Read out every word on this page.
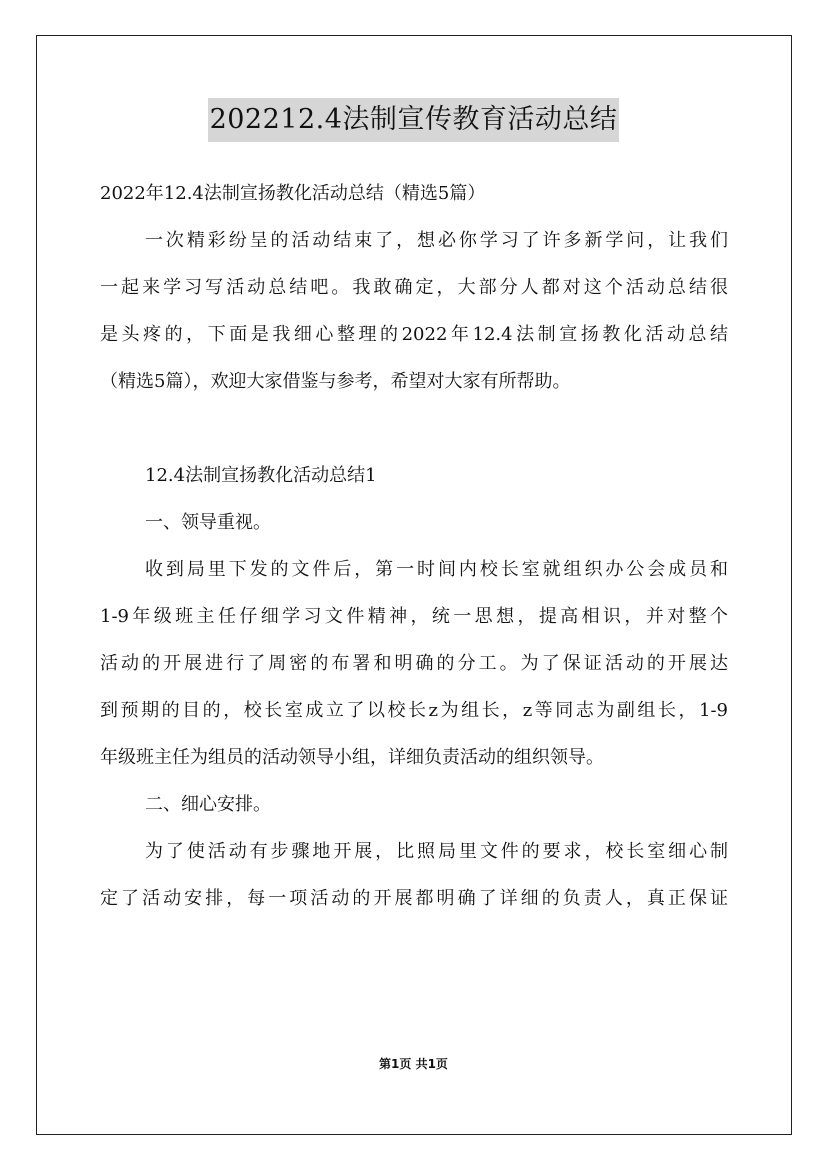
202212.4法制宣传教育活动总结
2022年12.4法制宣扬教化活动总结（精选5篇）
一次精彩纷呈的活动结束了，想必你学习了许多新学问，让我们
一起来学习写活动总结吧。我敢确定，大部分人都对这个活动总结很
是头疼的，下面是我细心整理的2022年12.4法制宣扬教化活动总结
（精选5篇），欢迎大家借鉴与参考，希望对大家有所帮助。
12.4法制宣扬教化活动总结1
一、领导重视。
收到局里下发的文件后，第一时间内校长室就组织办公会成员和
1-9年级班主任仔细学习文件精神，统一思想，提高相识，并对整个
活动的开展进行了周密的布署和明确的分工。为了保证活动的开展达
到预期的目的，校长室成立了以校长z为组长，z等同志为副组长，1-9
年级班主任为组员的活动领导小组，详细负责活动的组织领导。
二、细心安排。
为了使活动有步骤地开展，比照局里文件的要求，校长室细心制
定了活动安排，每一项活动的开展都明确了详细的负责人，真正保证
第1页 共1页
